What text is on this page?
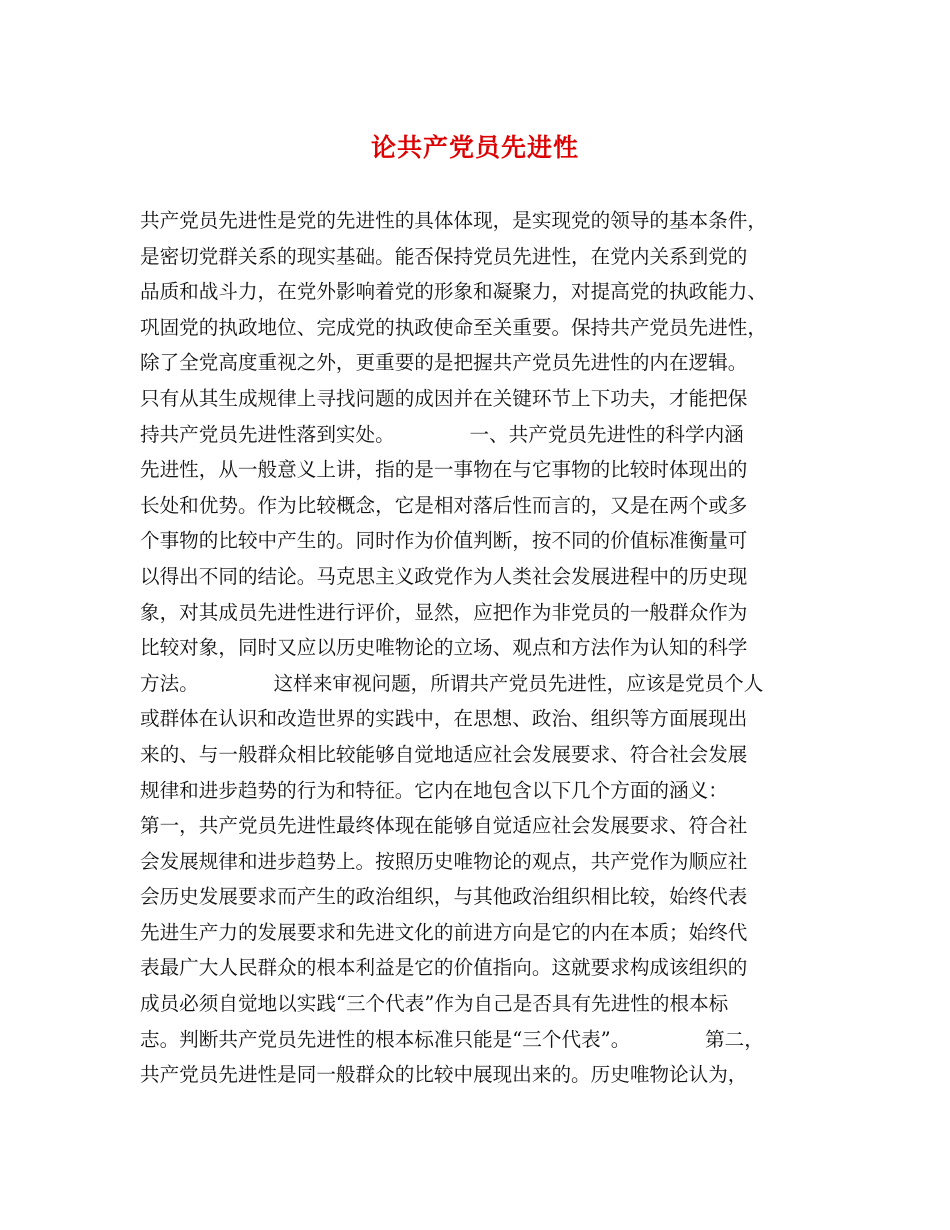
论共产党员先进性
共产党员先进性是党的先进性的具体体现，是实现党的领导的基本条件，
是密切党群关系的现实基础。能否保持党员先进性，在党内关系到党的
品质和战斗力，在党外影响着党的形象和凝聚力，对提高党的执政能力、
巩固党的执政地位、完成党的执政使命至关重要。保持共产党员先进性，
除了全党高度重视之外，更重要的是把握共产党员先进性的内在逻辑。
只有从其生成规律上寻找问题的成因并在关键环节上下功夫，才能把保
持共产党员先进性落到实处。            一、共产党员先进性的科学内涵
先进性，从一般意义上讲，指的是一事物在与它事物的比较时体现出的
长处和优势。作为比较概念，它是相对落后性而言的，又是在两个或多
个事物的比较中产生的。同时作为价值判断，按不同的价值标准衡量可
以得出不同的结论。马克思主义政党作为人类社会发展进程中的历史现
象，对其成员先进性进行评价，显然，应把作为非党员的一般群众作为
比较对象，同时又应以历史唯物论的立场、观点和方法作为认知的科学
方法。            这样来审视问题，所谓共产党员先进性，应该是党员个人
或群体在认识和改造世界的实践中，在思想、政治、组织等方面展现出
来的、与一般群众相比较能够自觉地适应社会发展要求、符合社会发展
规律和进步趋势的行为和特征。它内在地包含以下几个方面的涵义：
第一，共产党员先进性最终体现在能够自觉适应社会发展要求、符合社
会发展规律和进步趋势上。按照历史唯物论的观点，共产党作为顺应社
会历史发展要求而产生的政治组织，与其他政治组织相比较，始终代表
先进生产力的发展要求和先进文化的前进方向是它的内在本质；始终代
表最广大人民群众的根本利益是它的价值指向。这就要求构成该组织的
成员必须自觉地以实践“三个代表”作为自己是否具有先进性的根本标
志。判断共产党员先进性的根本标准只能是“三个代表”。            第二，
共产党员先进性是同一般群众的比较中展现出来的。历史唯物论认为，
